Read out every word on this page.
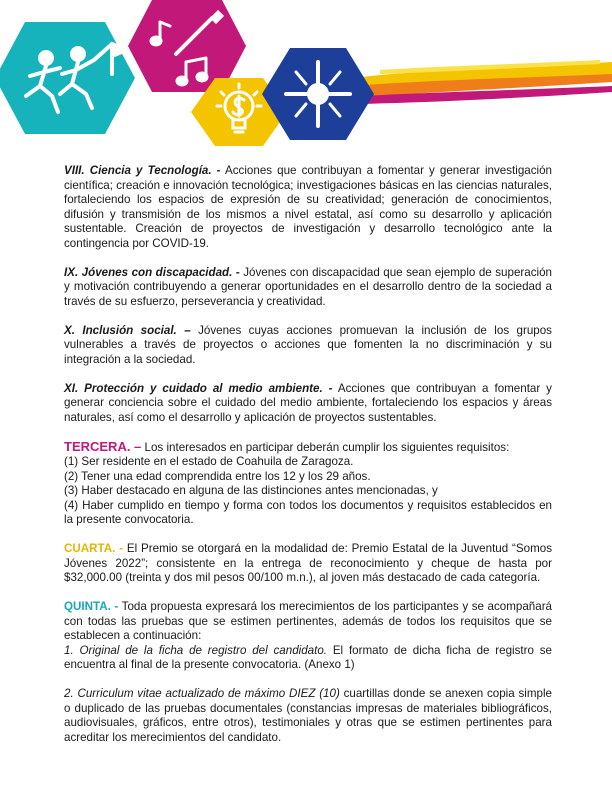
VIII. Ciencia y Tecnología. - Acciones que contribuyan a fomentar y generar investigación científica; creación e innovación tecnológica; investigaciones básicas en las ciencias naturales, fortaleciendo los espacios de expresión de su creatividad; generación de conocimientos, difusión y transmisión de los mismos a nivel estatal, así como su desarrollo y aplicación sustentable. Creación de proyectos de investigación y desarrollo tecnológico ante la contingencia por COVID-19.

IX. Jóvenes con discapacidad. - Jóvenes con discapacidad que sean ejemplo de superación y motivación contribuyendo a generar oportunidades en el desarrollo dentro de la sociedad a través de su esfuerzo, perseverancia y creatividad.

X. Inclusión social. – Jóvenes cuyas acciones promuevan la inclusión de los grupos vulnerables a través de proyectos o acciones que fomenten la no discriminación y su integración a la sociedad.

XI. Protección y cuidado al medio ambiente. - Acciones que contribuyan a fomentar y generar conciencia sobre el cuidado del medio ambiente, fortaleciendo los espacios y áreas naturales, así como el desarrollo y aplicación de proyectos sustentables.

TERCERA. – Los interesados en participar deberán cumplir los siguientes requisitos:
(1) Ser residente en el estado de Coahuila de Zaragoza.
(2) Tener una edad comprendida entre los 12 y los 29 años.
(3) Haber destacado en alguna de las distinciones antes mencionadas, y
(4) Haber cumplido en tiempo y forma con todos los documentos y requisitos establecidos en la presente convocatoria.

CUARTA. - El Premio se otorgará en la modalidad de: Premio Estatal de la Juventud “Somos Jóvenes 2022”; consistente en la entrega de reconocimiento y cheque de hasta por $32,000.00 (treinta y dos mil pesos 00/100 m.n.), al joven más destacado de cada categoría.

QUINTA. - Toda propuesta expresará los merecimientos de los participantes y se acompañará con todas las pruebas que se estimen pertinentes, además de todos los requisitos que se establecen a continuación:
1. Original de la ficha de registro del candidato. El formato de dicha ficha de registro se encuentra al final de la presente convocatoria. (Anexo 1)

2. Curriculum vitae actualizado de máximo DIEZ (10) cuartillas donde se anexen copia simple o duplicado de las pruebas documentales (constancias impresas de materiales bibliográficos, audiovisuales, gráficos, entre otros), testimoniales y otras que se estimen pertinentes para acreditar los merecimientos del candidato.
